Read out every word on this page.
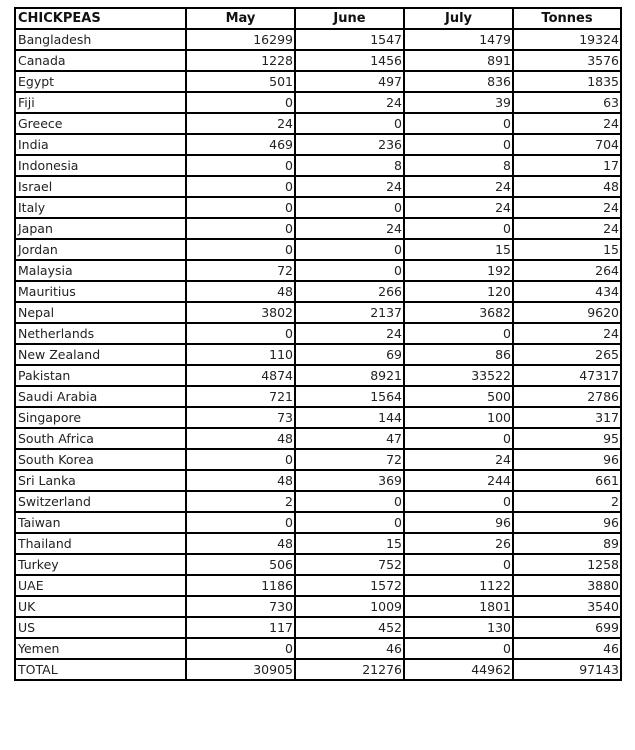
CHICKPEAS	May	June	July	Tonnes
Bangladesh	16299	1547	1479	19324
Canada	1228	1456	891	3576
Egypt	501	497	836	1835
Fiji	0	24	39	63
Greece	24	0	0	24
India	469	236	0	704
Indonesia	0	8	8	17
Israel	0	24	24	48
Italy	0	0	24	24
Japan	0	24	0	24
Jordan	0	0	15	15
Malaysia	72	0	192	264
Mauritius	48	266	120	434
Nepal	3802	2137	3682	9620
Netherlands	0	24	0	24
New Zealand	110	69	86	265
Pakistan	4874	8921	33522	47317
Saudi Arabia	721	1564	500	2786
Singapore	73	144	100	317
South Africa	48	47	0	95
South Korea	0	72	24	96
Sri Lanka	48	369	244	661
Switzerland	2	0	0	2
Taiwan	0	0	96	96
Thailand	48	15	26	89
Turkey	506	752	0	1258
UAE	1186	1572	1122	3880
UK	730	1009	1801	3540
US	117	452	130	699
Yemen	0	46	0	46
TOTAL	30905	21276	44962	97143
